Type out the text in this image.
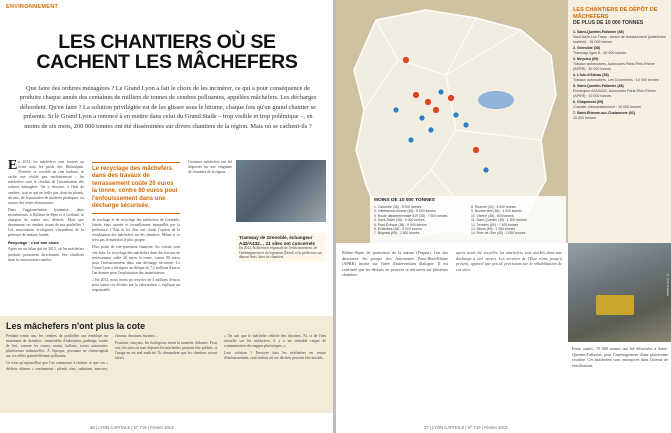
ENVIRONNEMENT
LES CHANTIERS OÙ SE
CACHENT LES MÂCHEFERS

Que faire des ordures ménagères ? Le Grand Lyon a fait le choix de les incinérer, ce qui a pour conséquence de produire chaque année des centaines de milliers de tonnes de cendres polluantes, appelées mâchefers. Les décharges débordent. Qu'en faire ? La solution privilégiée est de les glisser sous le bitume, chaque fois qu'un grand chantier se présente. Si le Grand Lyon a renoncé à en mettre dans celui du Grand Stade – trop visible et trop polémique –, en moins de six mois, 200 000 tonnes ont été disséminées sur divers chantiers de la région. Mais où se cachent-ils ?

En 2013, les mâchefers vont trouver un écrin sous les pieds des Rhônalpins. Derrière ce vocable un rien barbare, se cache une réalité peu enchanteresse : les mâchefers sont le résultat de l'incinération des ordures ménagères. On y retrouve, à l'état de cendres, tout ce qui ne brûle pas, dont du plomb, du zinc, de la poussière de matières plastiques, ou encore des restes alimentaires.

Dans l'agglomération lyonnaise, deux incinérateurs, à Rillieux-la-Pape et à Gerland, se chargent de traiter nos déchets. Mais que deviennent ces cendres issues de nos poubelles ? Les associations écologistes s'inquiètent de la présence de métaux lourds.

Recyclage : c'est son choix

Après un un bilan qui en 2012, où les mâchefers produits pourraient directement être réutilisés dans la construction routière.

Le recyclage des mâchefers dans des travaux de terrassement coûte 20 euros la tonne, contre 80 euros pour l'enfouissement dans une décharge sécurisée.

de stockage et de recyclage des mâchefers de Grenoble, laissés états saturés et formellement interpellés par la préfecture. L'État et les élus ont choisi l'option de la réutilisation des mâchefers sur les chantiers. Même si ce n'est pas le matériau le plus propre.

D'un point de vue purement financier, les calculs sont vite faits. Le recyclage des mâchefers dans des travaux de terrassement coûte 20 euros la tonne, contre 80 euros pour l'enfouissement dans une décharge sécurisée. Le Grand Lyon a dû signer un chèque de 7,2 millions d'euros l'an dernier pour l'exploitation des incinérateurs.

« En 2012, nous avons pu recycler de 3 millions d'euros pour traiter ces déchets par la valorisation », explique un responsable.

Certaines mâchefers ont été dispersés sur une vingtaine de chantiers de la région.

Tramway de Grenoble, échangeur A42/A432… 21 sites ont concernés
En 2012, la direction régionale de l'environnement, de l'aménagement et du logement (Dreal) et la préfecture ont déposé leurs listes de chantiers.
Les mâchefers n'ont plus la cote

Pendant trente ans, les cendres de poubelles ont remblayé un maximum de chantiers : immeubles d'habitation, parkings, routes de fect, comme les routes, routes, ballasts, toutes autoroutes, plateformes industrielles. À l'époque, personne ne s'interrogeait sur ces effets potentiellement polluants.

Ce n'est qu'aujourd'hui que l'on commence à réaliser ce que ces « déchets ultimes » contiennent : plomb, zinc, cadmium, mercure, chrome, dioxines, furanes…

Pourtant, cinq ans, les écologistes tirent la sonnette d'alarme. Pour eux, les sites où sont déposés les mâchefers peuvent être pollués, si l'usage en est mal maîtrisé. Ils demandent que les chantiers soient suivis.

« On sait que le mâchefer relâche des dioxines. Et, si de l'eau ruisselle sur les mâchefers, il y a un véritable risque de contamination des nappes phréatiques. »

Leur solution ? Envoyer tous les mâchefers en centre d'enfouissement, seul endroit où ces déchets peuvent être stockés.

LES CHANTIERS DE DÉPÔT DE MÂCHEFERS
DE PLUS DE 10 000 TONNES
1. Saint-Quentin-Fallavier (38)
Nord-Isère Lux Trans : centre de terrassement (plateforme routière) : 15 000 tonnes
2. Grenoble (38)
Tramway, ligne B : 40 000 tonnes
3. Meyzieu (69)
Travaux autoroutiers, Autoroutes Paris-Rhin-Rhône (APRR) : 30 000 tonnes
4. L'Isle-d'Abeau (38)
Travaux autoroutiers, Les Colombiers : 10 000 tonnes
5. Saint-Quentin-Fallavier (38)
Échangeur A42/A432, Autoroutes Paris-Rhin-Rhône (APRR) : 10 000 tonnes
6. Chaponost (69)
Chantier d'assainissement : 10 000 tonnes
7. Saint-Étienne-sur-Chalaronne (01)
25 000 tonnes
MOINS DE 10 000 TONNES
1. Caluvoite (38) : 5 000 tonnes
2. Villefranche-Bonne (38) : 8 500 tonnes
3. Route départementale 519 (38) : 7 500 tonnes
4. Saint-Savin (38) : 5 000 tonnes
5. Pont-Évêque (38) : 9 000 tonnes
6. Echirolles (38) : 6 000 tonnes
7. Brignais (69) : 2 800 tonnes
8. Roanne (42) : 3 000 tonnes
9. Bourbe-tete (38) : 3 000 tonnes
10. Vienne (38) : 800 tonnes
11. Saint-Quentin (38) : 1 500 tonnes
12. Tezelles (69) : 7 400 tonnes
13. Mions (69) : 1 900 tonnes
14. Rive-de-Gier (42) : 2 000 tonnes
© Lyon Capitale
Rhône-Alpes de protection de la nature (Frapna), l'un des directeurs du groupe des Autoroutes Paris-Rhin-Rhône (APRR) insiste sur l'idée d'intervention dialogue. Il est confirmé que les déchets ne peuvent se retrouver sur plusieurs chantiers.
après avoir été recyclés, les mâchefers sont stockés dans une décharge à ciel ouvert. Les services de l'État n'ont, jusqu'à présent, apporté que peu de précisions sur la réhabilitation de ces sites.
Entre autres, 70 000 tonnes ont été déversées à Saint-Quentin-Fallavier, pour l'aménagement d'une plateforme routière. Ces mâchefers sont entreposés dans l'attente de réutilisation.
36 | LYON CAPITALE | N° 719 | Février 2013	37 | LYON CAPITALE | N° 719 | Février 2013
